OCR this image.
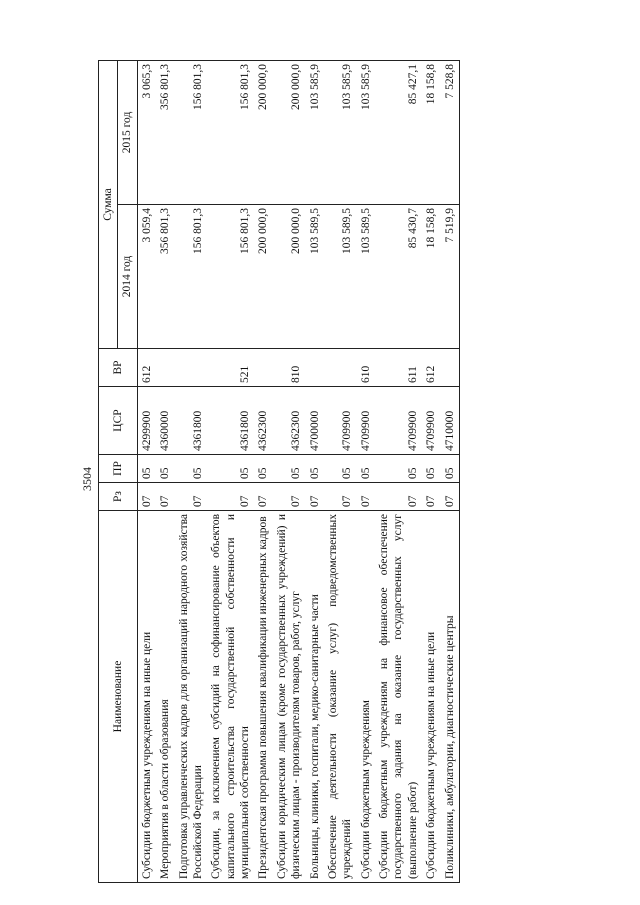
3504
Наименование	Рз	ПР	ЦСР	ВР	Сумма	
					2014 год	2015 год
Субсидии бюджетным учреждениям на иные цели	07	05	4299900	612	3 059,4	3 065,3
Мероприятия в области образования	07	05	4360000		356 801,3	356 801,3
Подготовка управленческих кадров для организаций народного хозяйства Российской Федерации	07	05	4361800		156 801,3	156 801,3
Субсидии, за исключением субсидий на софинансирование объектов капитального строительства государственной собственности и муниципальной собственности	07	05	4361800	521	156 801,3	156 801,3
Президентская программа повышения квалификации инженерных кадров	07	05	4362300		200 000,0	200 000,0
Субсидии юридическим лицам (кроме государственных учреждений) и физическим лицам - производителям товаров, работ, услуг	07	05	4362300	810	200 000,0	200 000,0
Больницы, клиники, госпитали, медико-санитарные части	07	05	4700000		103 589,5	103 585,9
Обеспечение деятельности (оказание услуг) подведомственных учреждений	07	05	4709900		103 589,5	103 585,9
Субсидии бюджетным учреждениям	07	05	4709900	610	103 589,5	103 585,9
Субсидии бюджетным учреждениям на финансовое обеспечение государственного задания на оказание государственных услуг (выполнение работ)	07	05	4709900	611	85 430,7	85 427,1
Субсидии бюджетным учреждениям на иные цели	07	05	4709900	612	18 158,8	18 158,8
Поликлиники, амбулатории, диагностические центры	07	05	4710000		7 519,9	7 528,8
